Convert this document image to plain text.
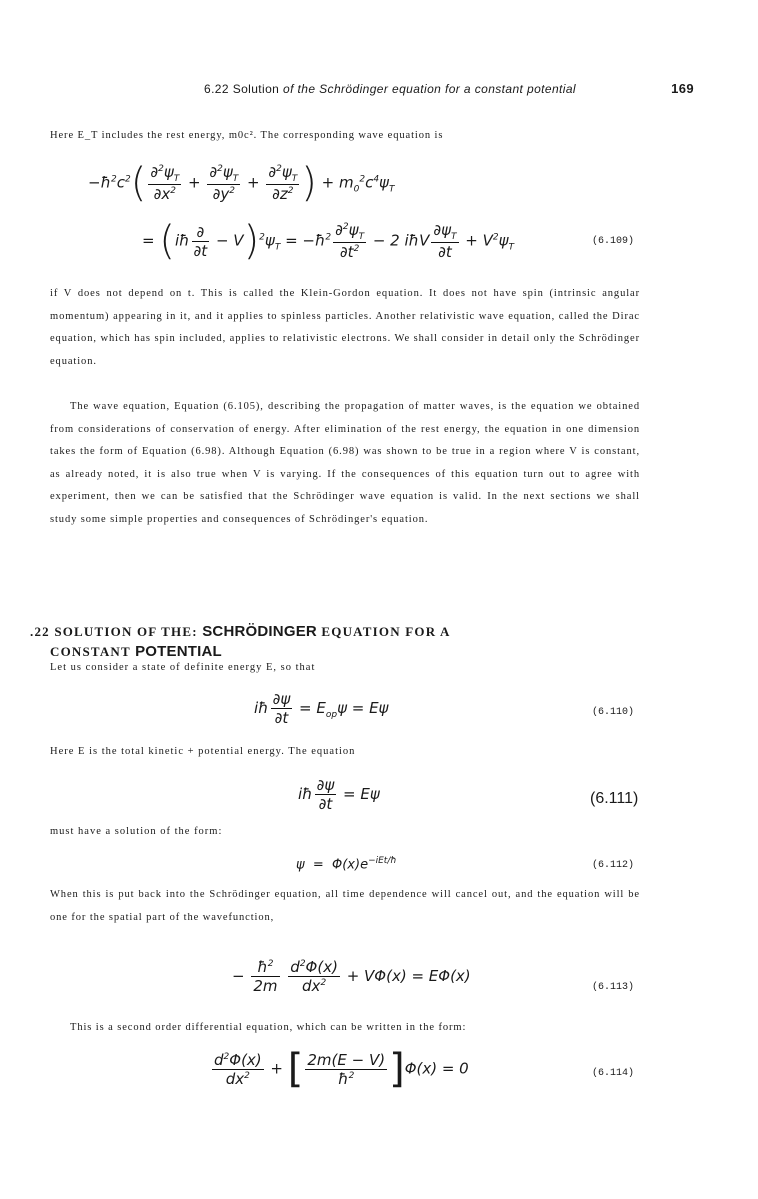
6.22 Solution of the Schrödinger equation for a constant potential	169
Here E_T includes the rest energy, m0c². The corresponding wave equation is
$-ħ^2c^2( \frac{\partial^2\psi_T}{\partial x^2} + \frac{\partial^2\psi_T}{\partial y^2} + \frac{\partial^2\psi_T}{\partial z^2}$ ) + $m_0^2c^4\psi_T$
= (iħ $\frac{\partial}{\partial t} - V)^2\psi_T$ = $-ħ^2 \frac{\partial^2\psi_T}{\partial t^2} - 2$ iħV $\frac{\partial\psi_T}{\partial t} + V^2\psi_T$
(6.109)
if V does not depend on t. This is called the Klein-Gordon equation. It does not have spin (intrinsic angular momentum) appearing in it, and it applies to spinless particles. Another relativistic wave equation, called the Dirac equation, which has spin included, applies to relativistic electrons. We shall consider in detail only the Schrödinger equation.
The wave equation, Equation (6.105), describing the propagation of matter waves, is the equation we obtained from considerations of conservation of energy. After elimination of the rest energy, the equation in one dimension takes the form of Equation (6.98). Although Equation (6.98) was shown to be true in a region where V is constant, as already noted, it is also true when V is varying. If the consequences of this equation turn out to agree with experiment, then we can be satisfied that the Schrödinger wave equation is valid. In the next sections we shall study some simple properties and consequences of Schrödinger's equation.
.22 SOLUTION OF THE: SCHRÖDINGER EQUATION FOR A
CONSTANT POTENTIAL
Let us consider a state of definite energy E, so that
iħ $\frac{\partial\psi}{\partial t} = E_{op}\psi = E\psi$	(6.110)
Here E is the total kinetic + potential energy. The equation
iħ $\frac{\partial\psi}{\partial t} = E\psi$	(6.111)
must have a solution of the form:
$\psi = \Phi(x)e^{-iEt/ħ}$	(6.112)
When this is put back into the Schrödinger equation, all time dependence will cancel out, and the equation will be one for the spatial part of the wavefunction,
− $\frac{ħ^2}{2m}$
$\frac{d^2\Phi(x)}{dx^2} + V\Phi(x) = E\Phi(x)$
(6.113)
This is a second order differential equation, which can be written in the form:
$\frac{d^2\Phi(x)}{dx^2}$ + [ $\frac{2m(E - V)}{ħ^2} ]\Phi(x) = 0$	(6.114)
